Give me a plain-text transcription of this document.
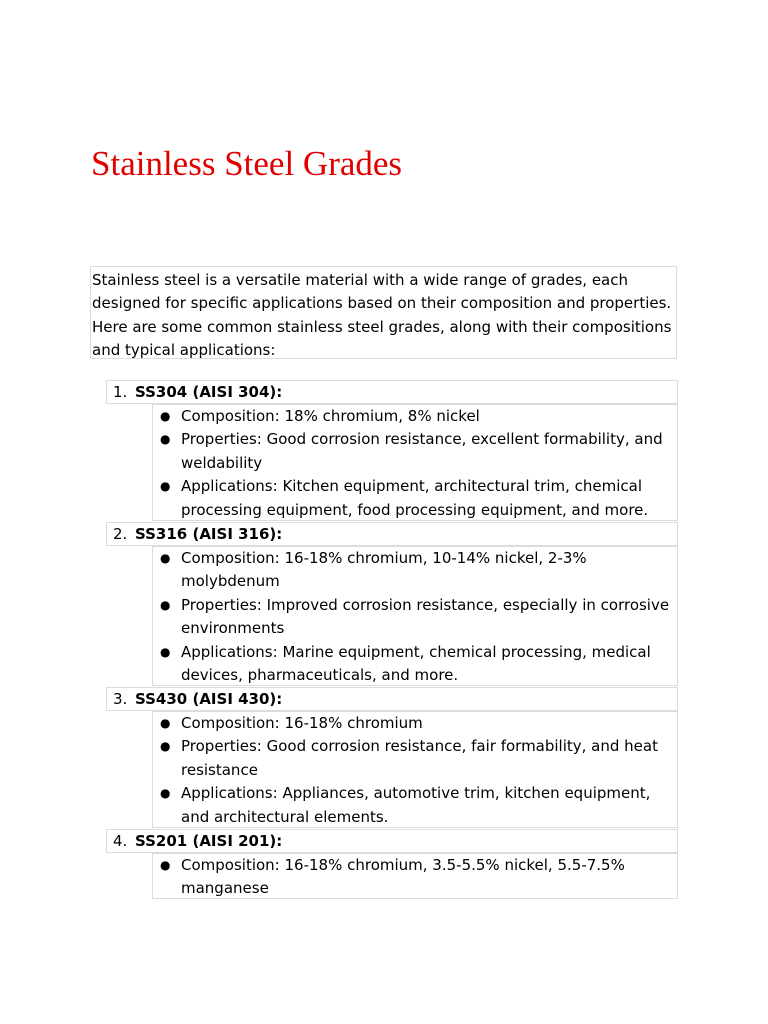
Stainless Steel Grades

Stainless steel is a versatile material with a wide range of grades, each designed for specific applications based on their composition and properties. Here are some common stainless steel grades, along with their compositions and typical applications:

1. SS304 (AISI 304):
● Composition: 18% chromium, 8% nickel
● Properties: Good corrosion resistance, excellent formability, and weldability
● Applications: Kitchen equipment, architectural trim, chemical processing equipment, food processing equipment, and more.
2. SS316 (AISI 316):
● Composition: 16-18% chromium, 10-14% nickel, 2-3% molybdenum
● Properties: Improved corrosion resistance, especially in corrosive environments
● Applications: Marine equipment, chemical processing, medical devices, pharmaceuticals, and more.
3. SS430 (AISI 430):
● Composition: 16-18% chromium
● Properties: Good corrosion resistance, fair formability, and heat resistance
● Applications: Appliances, automotive trim, kitchen equipment, and architectural elements.
4. SS201 (AISI 201):
● Composition: 16-18% chromium, 3.5-5.5% nickel, 5.5-7.5% manganese
